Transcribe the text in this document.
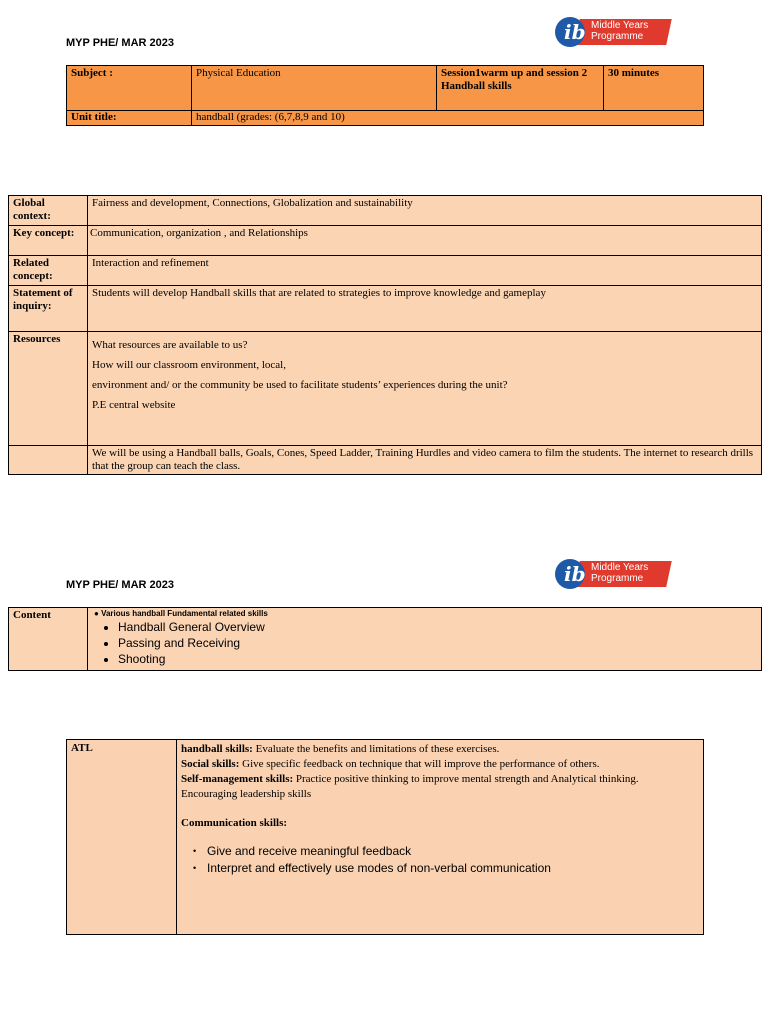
MYP PHE/ MAR 2023	ib Middle Years
Programme
Subject :	Physical Education	Session1warm up and session 2 Handball skills	30 minutes
Unit title:	handball (grades: (6,7,8,9 and 10)		
Global context:	Fairness and development, Connections, Globalization and sustainability
Key concept:	Communication, organization , and Relationships
Related concept:	Interaction and refinement
Statement of inquiry:	Students will develop Handball skills that are related to strategies to improve knowledge and gameplay
Resources	What resources are available to us?

How will our classroom environment, local,

environment and/ or the community be used to facilitate students’ experiences during the unit?

P.E central website

	We will be using a Handball balls, Goals, Cones, Speed Ladder, Training Hurdles and video camera to film the students. The internet to research drills that the group can teach the class.
MYP PHE/ MAR 2023	ib Middle Years
Programme
Content	● Various handball Fundamental related skills
• Handball General Overview
• Passing and Receiving
• Shooting
ATL	handball skills: Evaluate the benefits and limitations of these exercises.
Social skills: Give specific feedback on technique that will improve the performance of others.
Self-management skills: Practice positive thinking to improve mental strength and Analytical thinking.
Encouraging leadership skills
Communication skills:
• Give and receive meaningful feedback
• Interpret and effectively use modes of non-verbal communication
